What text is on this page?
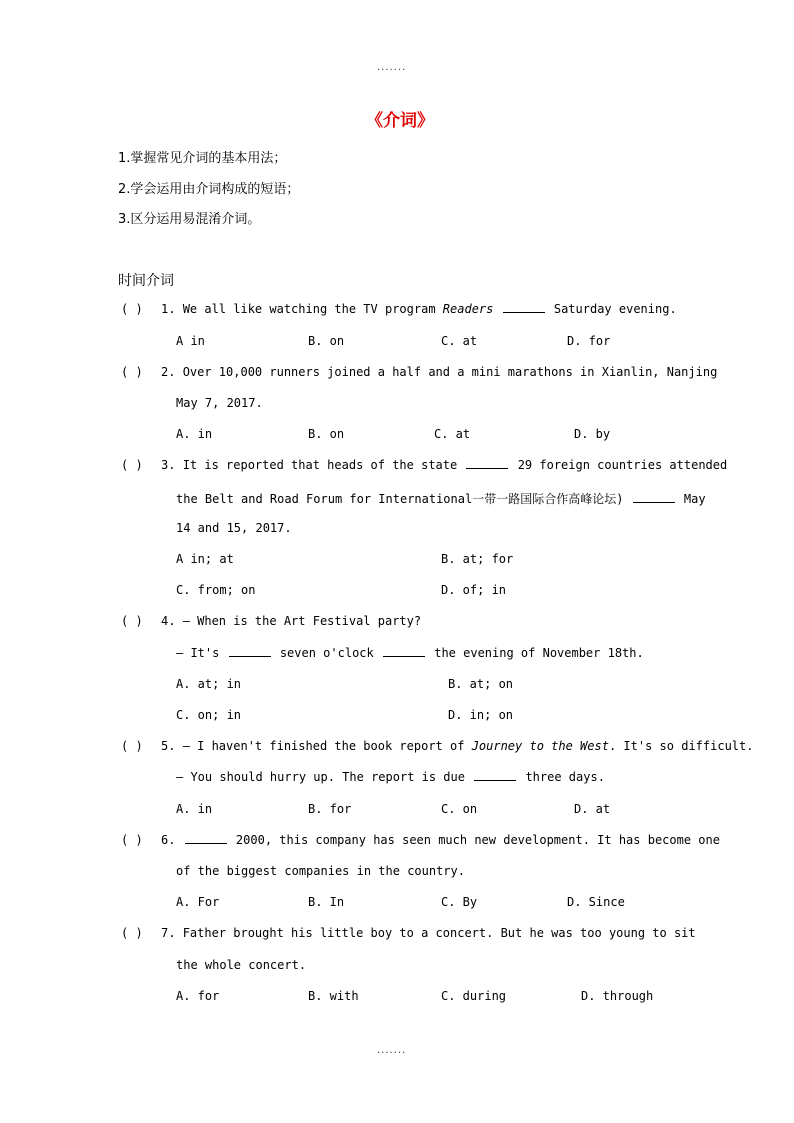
.......
《介词》
1.掌握常见介词的基本用法；
2.学会运用由介词构成的短语；
3.区分运用易混淆介词。
时间介词
( ) 1. We all like watching the TV program Readers	Saturday evening.
A in	B. on	C. at	D. for
( ) 2. Over 10,000 runners joined a half and a mini marathons in Xianlin, Nanjing
May 7, 2017.
A. in	B. on	C. at	D. by
( ) 3. It is reported that heads of the state	29 foreign countries attended
the Belt and Road Forum for International一带一路国际合作高峰论坛)	May
14 and 15, 2017.
A in; at	B. at; for
C. from; on	D. of; in
( ) 4. — When is the Art Festival party?
— It's	seven o'clock	the evening of November 18th.
A. at; in	B. at; on
C. on; in	D. in; on
( ) 5. — I haven't finished the book report of Journey to the West. It's so difficult.
— You should hurry up. The report is due	three days.
A. in	B. for	C. on	D. at
( ) 6.	2000, this company has seen much new development. It has become one
of the biggest companies in the country.
A. For	B. In	C. By	D. Since
( ) 7. Father brought his little boy to a concert. But he was too young to sit
the whole concert.
A. for	B. with	C. during	D. through
.......
